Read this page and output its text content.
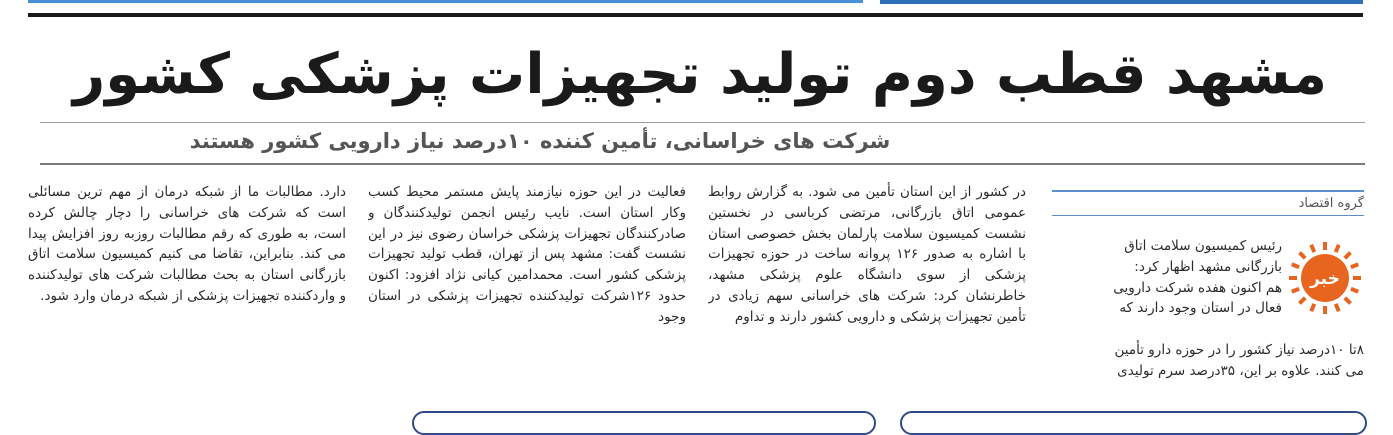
مشهد قطب دوم تولید تجهیزات پزشکی کشور
شرکت های خراسانی، تأمین کننده ۱۰درصد نیاز دارویی کشور هستند
گروه اقتصاد
خبر
رئیس کمیسیون سلامت اتاق
بازرگانی مشهد اظهار کرد:
هم اکنون هفده شرکت دارویی
فعال در استان وجود دارند که
۸تا ۱۰درصد نیاز کشور را در حوزه دارو تأمین
می کنند. علاوه بر این، ۳۵درصد سرم تولیدی

در کشور از این استان تأمین می شود. به گزارش روابط عمومی اتاق بازرگانی، مرتضی کرباسی در نخستین نشست کمیسیون سلامت پارلمان بخش خصوصی استان با اشاره به صدور ۱۲۶ پروانه ساخت در حوزه تجهیزات پزشکی از سوی دانشگاه علوم پزشکی مشهد، خاطرنشان کرد: شرکت های خراسانی سهم زیادی در تأمین تجهیزات پزشکی و دارویی کشور دارند و تداوم

فعالیت در این حوزه نیازمند پایش مستمر محیط کسب وکار استان است. نایب رئیس انجمن تولیدکنندگان و صادرکنندگان تجهیزات پزشکی خراسان رضوی نیز در این نشست گفت: مشهد پس از تهران، قطب تولید تجهیزات پزشکی کشور است. محمدامین کیانی نژاد افزود: اکنون حدود ۱۲۶شرکت تولیدکننده تجهیزات پزشکی در استان وجود

دارد. مطالبات ما از شبکه درمان از مهم ترین مسائلی است که شرکت های خراسانی را دچار چالش کرده است، به طوری که رقم مطالبات روزبه روز افزایش پیدا می کند. بنابراین، تقاضا می کنیم کمیسیون سلامت اتاق بازرگانی استان به بحث مطالبات شرکت های تولیدکننده و واردکننده تجهیزات پزشکی از شبکه درمان وارد شود.
